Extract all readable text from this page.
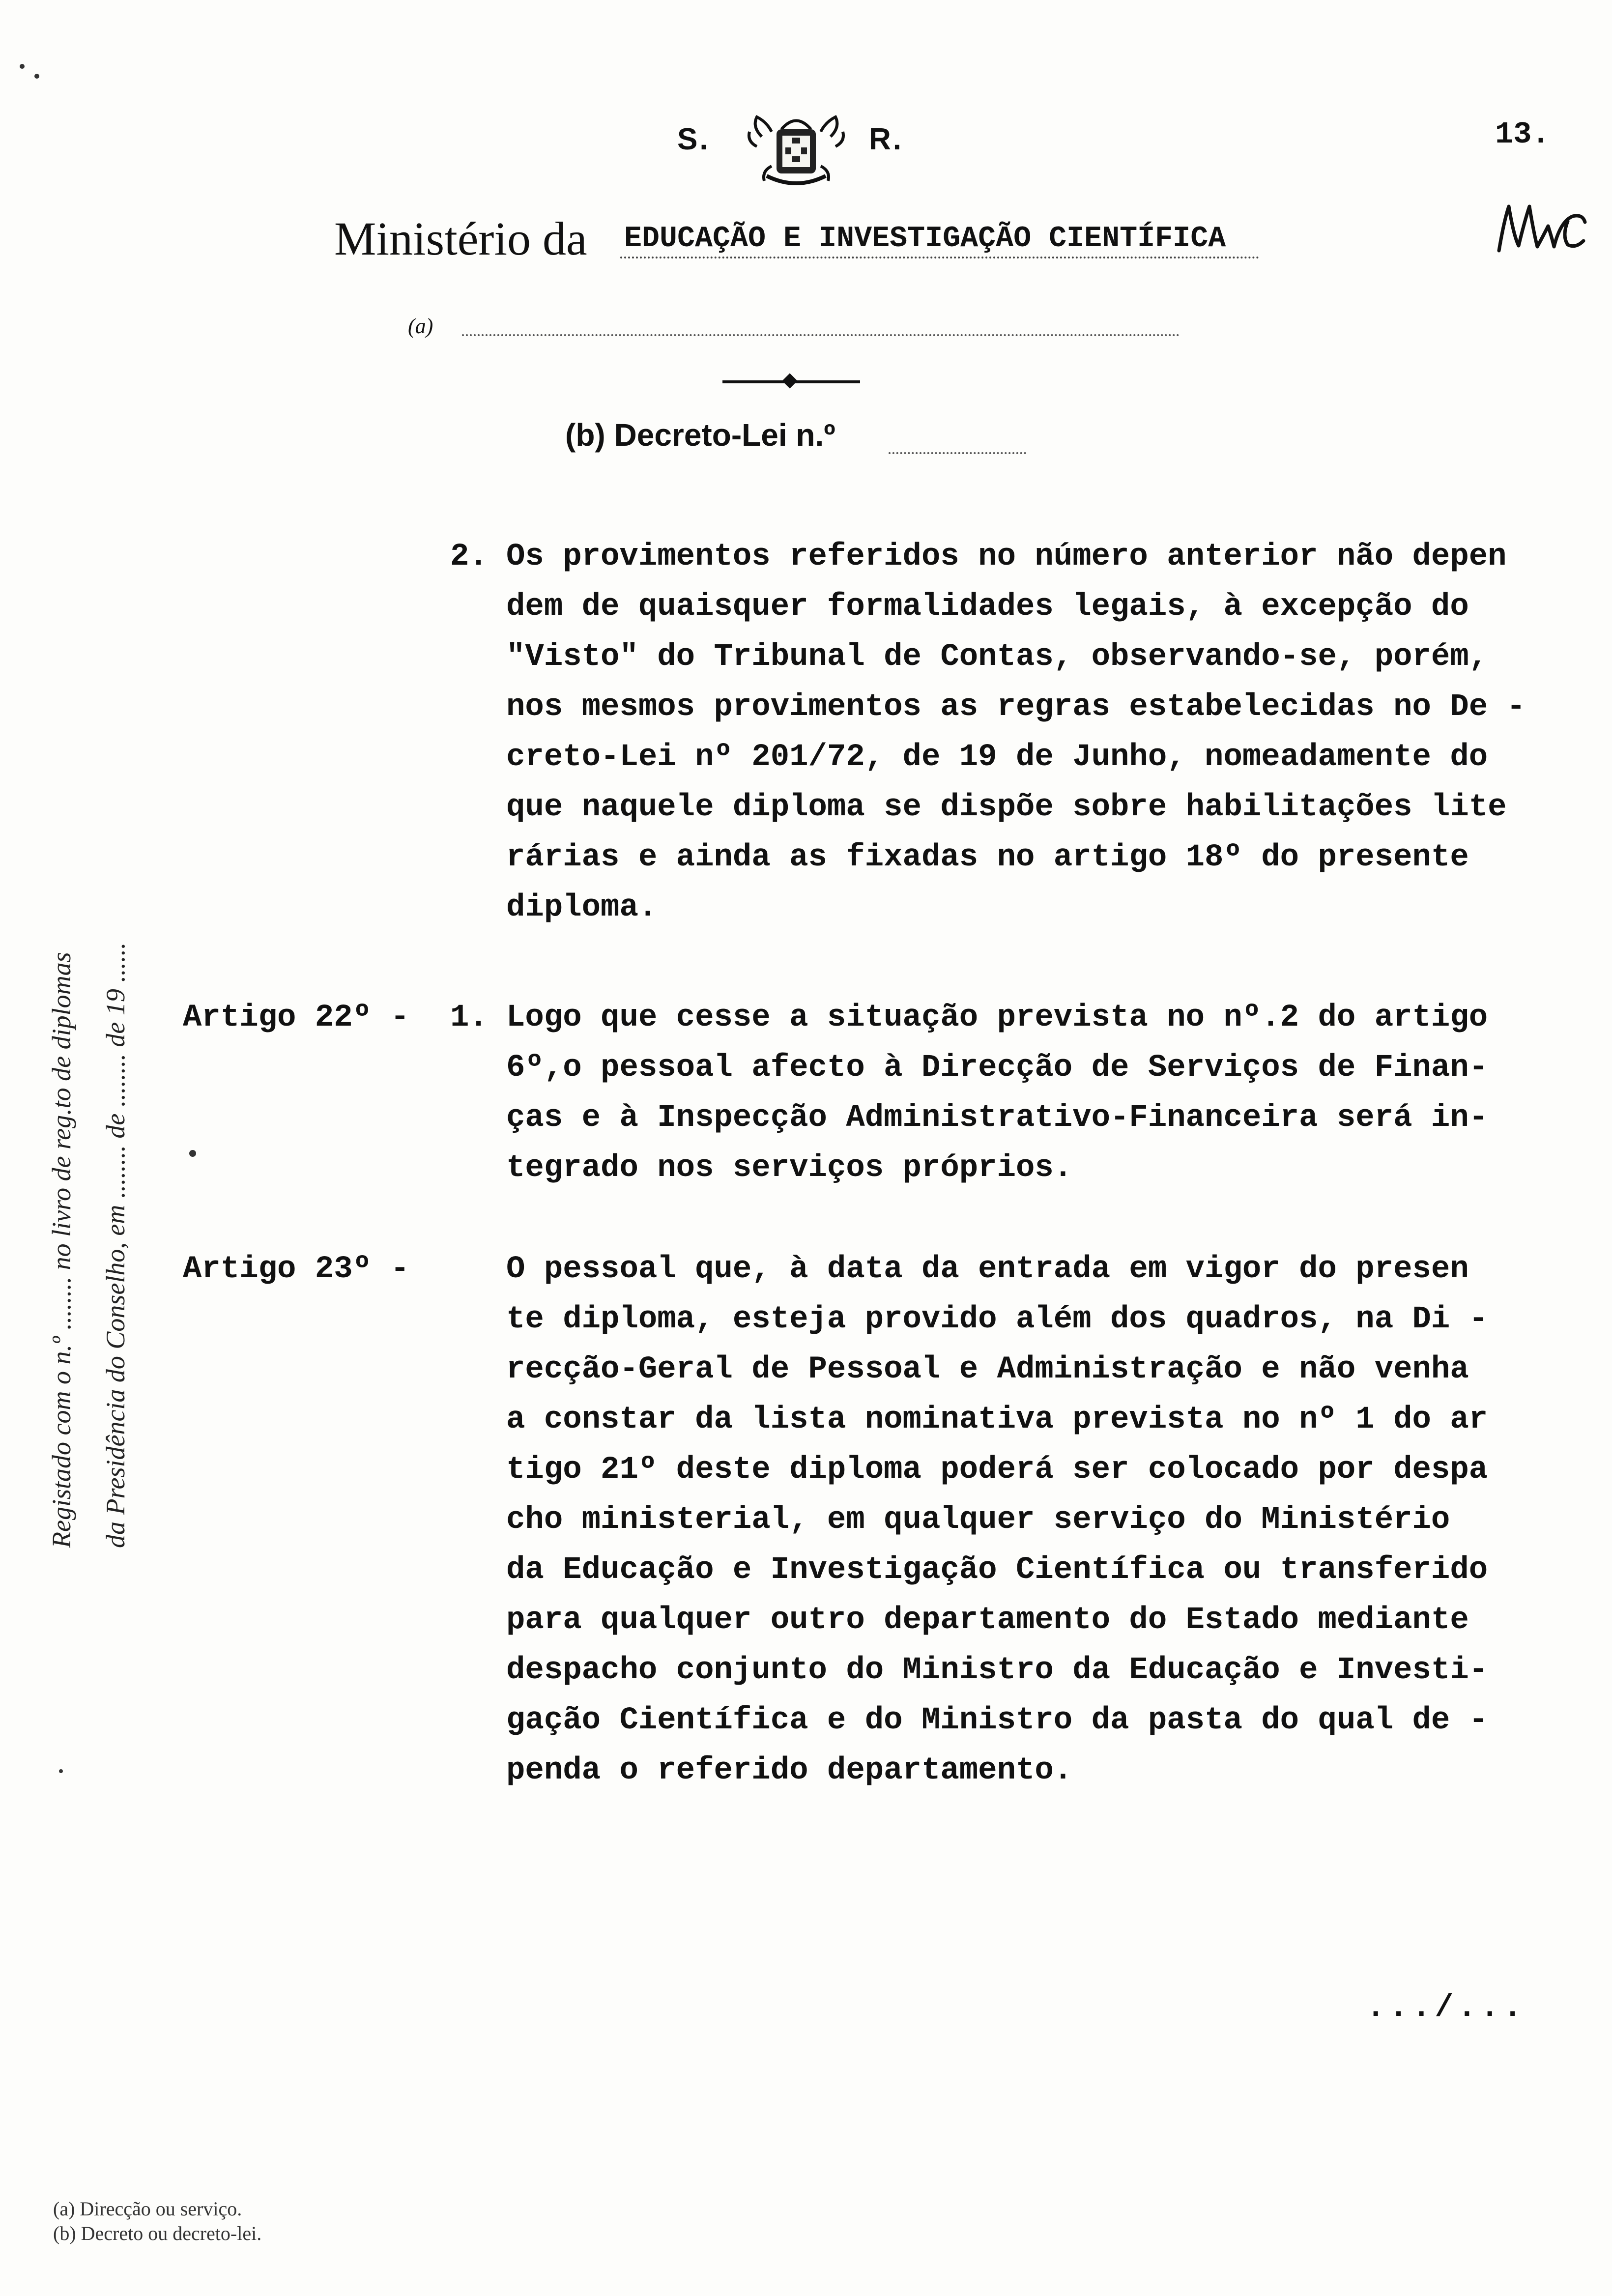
S.	R.	13.
Ministério da EDUCAÇÃO E INVESTIGAÇÃO CIENTÍFICA
(a)
(b) Decreto-Lei n.º
2. Os provimentos referidos no número anterior não depen
dem de quaisquer formalidades legais, à excepção do
"Visto" do Tribunal de Contas, observando-se, porém,
nos mesmos provimentos as regras estabelecidas no De -
creto-Lei nº 201/72, de 19 de Junho, nomeadamente do
que naquele diploma se dispõe sobre habilitações lite
rárias e ainda as fixadas no artigo 18º do presente
diploma.
Artigo 22º - 1. Logo que cesse a situação prevista no nº.2 do artigo
6º,o pessoal afecto à Direcção de Serviços de Finan-
ças e à Inspecção Administrativo-Financeira será in-
tegrado nos serviços próprios.
Artigo 23º -	O pessoal que, à data da entrada em vigor do presen
te diploma, esteja provido além dos quadros, na Di -
recção-Geral de Pessoal e Administração e não venha
a constar da lista nominativa prevista no nº 1 do ar
tigo 21º deste diploma poderá ser colocado por despa
cho ministerial, em qualquer serviço do Ministério
da Educação e Investigação Científica ou transferido
para qualquer outro departamento do Estado mediante
despacho conjunto do Ministro da Educação e Investi-
gação Científica e do Ministro da pasta do qual de -
penda o referido departamento.
Registado com o n.º ........ no livro de reg.to de diplomas da Presidência do Conselho, em ........ de ........ de 19 ......
.../...
(a) Direcção ou serviço.
(b) Decreto ou decreto-lei.
